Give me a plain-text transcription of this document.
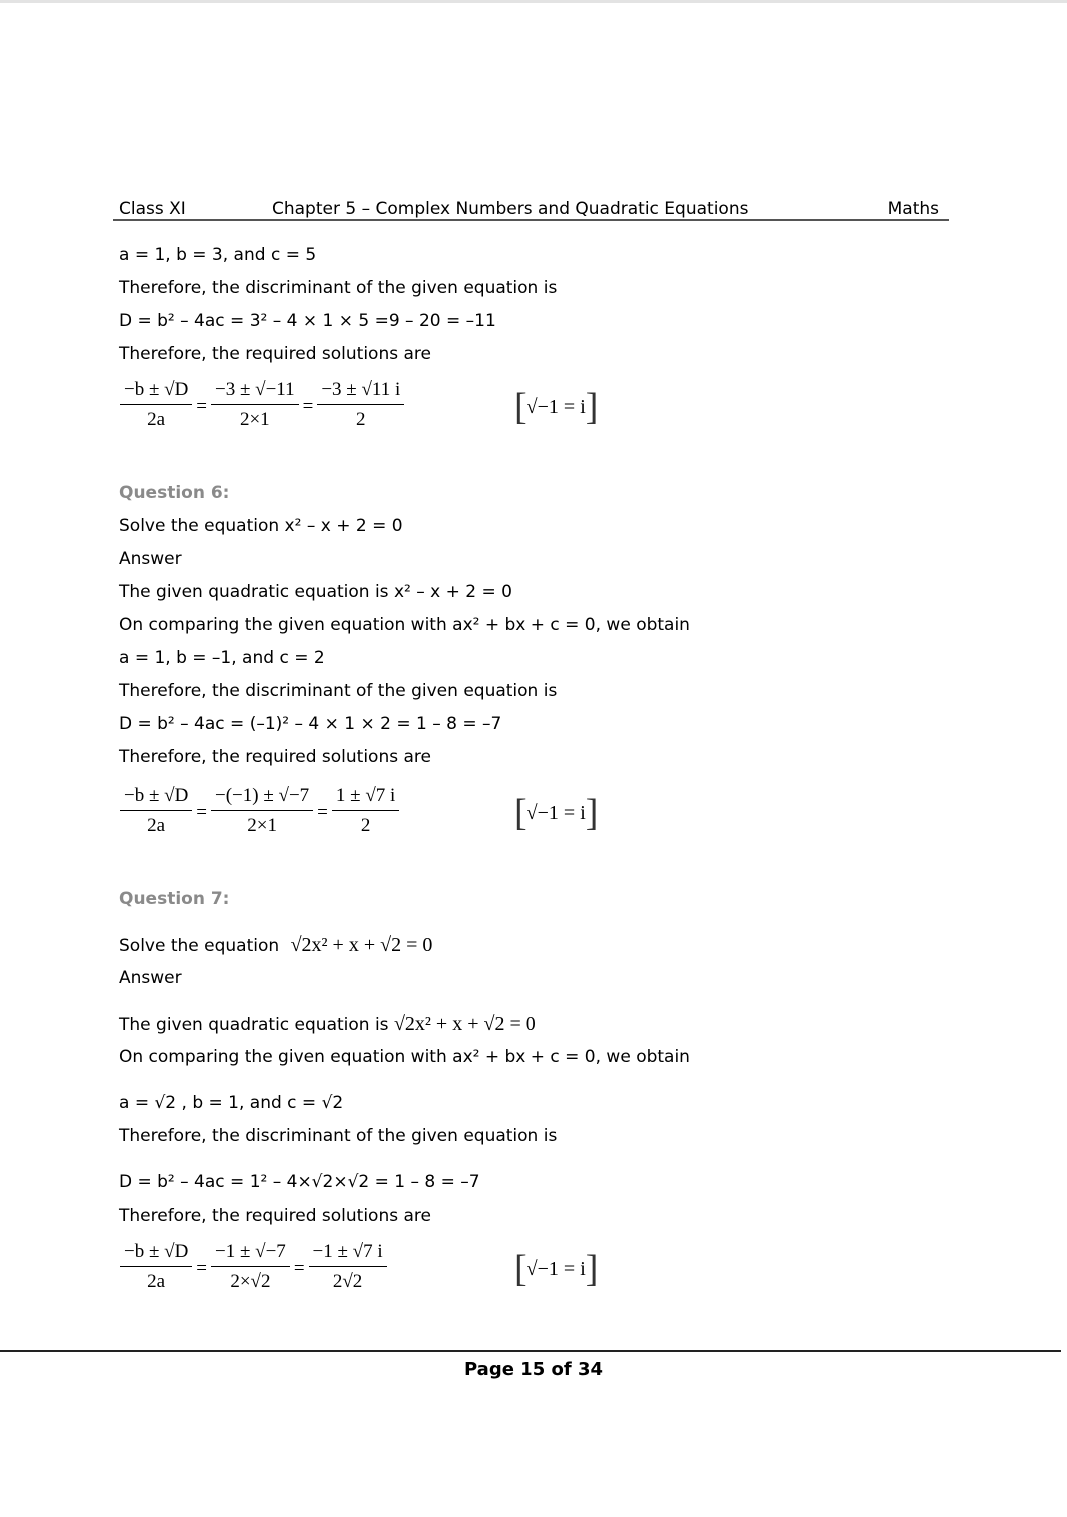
Class XI	Chapter 5 – Complex Numbers and Quadratic Equations	Maths
a = 1, b = 3, and c = 5
Therefore, the discriminant of the given equation is
D = b² – 4ac = 3² – 4 × 1 × 5 =9 – 20 = –11
Therefore, the required solutions are
$\frac{-b \pm √D}{2a} = \frac{-3 \pm √-11}{2\times 1} = \frac{-3 \pm √11 i}{2}$	[ √−1 = i ]
Question 6:
Solve the equation x² – x + 2 = 0
Answer
The given quadratic equation is x² – x + 2 = 0
On comparing the given equation with ax² + bx + c = 0, we obtain
a = 1, b = –1, and c = 2
Therefore, the discriminant of the given equation is
D = b² – 4ac = (–1)² – 4 × 1 × 2 = 1 – 8 = –7
Therefore, the required solutions are
$\frac{-b \pm √D}{2a} = \frac{-(-1) \pm √-7}{2\times 1} = \frac{1 \pm √7 i}{2}$	[ √−1 = i ]
Question 7:
Solve the equation √2x² + x + √2 = 0
Answer
The given quadratic equation is √2x² + x + √2 = 0
On comparing the given equation with ax² + bx + c = 0, we obtain
a = √2 , b = 1, and c = √2
Therefore, the discriminant of the given equation is
D = b² – 4ac = 1² – 4×√2×√2 = 1 – 8 = –7
Therefore, the required solutions are
$\frac{-b \pm √D}{2a} = \frac{-1 \pm √-7}{2\times√2} = \frac{-1 \pm √7 i}{2√2}$	[ √−1 = i ]
Page 15 of 34
